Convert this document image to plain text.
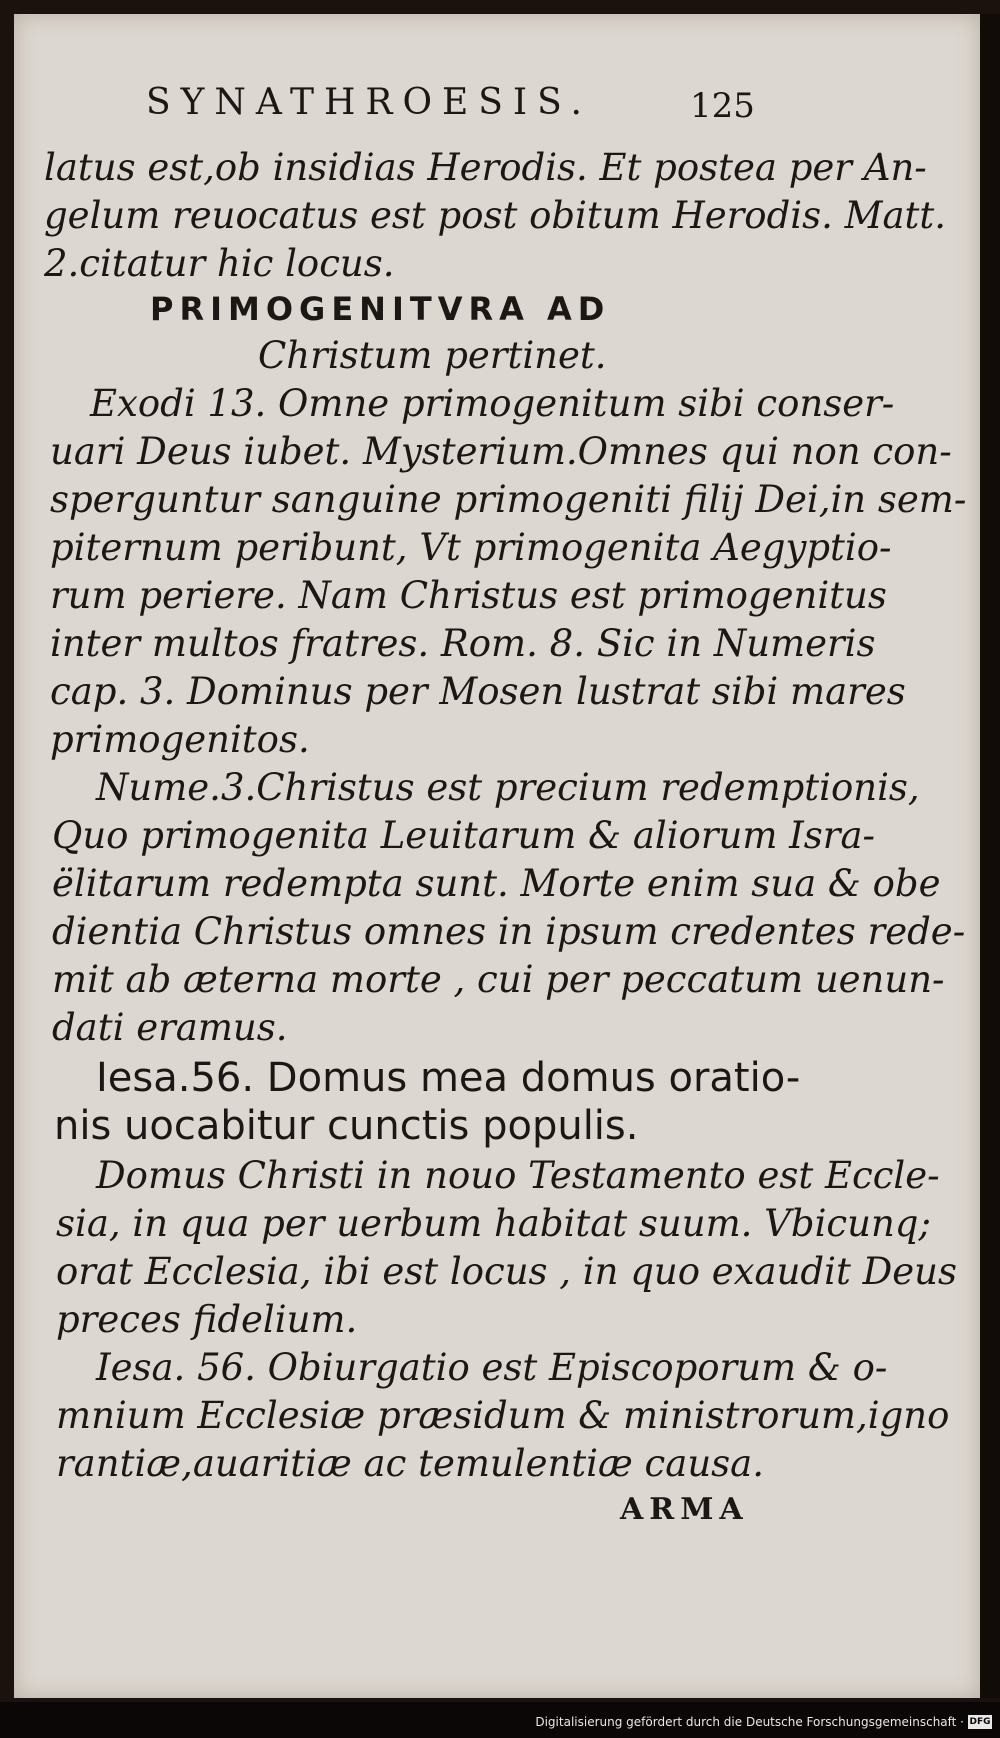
SYNATHROESIS.	125
latus est,ob insidias Herodis. Et postea per An-
gelum reuocatus est post obitum Herodis. Matt.
2.citatur hic locus.
PRIMOGENITVRA AD
Christum pertinet.
Exodi 13. Omne primogenitum sibi conser-
uari Deus iubet. Mysterium.Omnes qui non con-
sperguntur sanguine primogeniti filij Dei,in sem-
piternum peribunt, Vt primogenita Aegyptio-
rum periere. Nam Christus est primogenitus
inter multos fratres. Rom. 8. Sic in Numeris
cap. 3. Dominus per Mosen lustrat sibi mares
primogenitos.
Nume.3.Christus est precium redemptionis,
Quo primogenita Leuitarum & aliorum Isra-
ëlitarum redempta sunt. Morte enim sua & obe
dientia Christus omnes in ipsum credentes rede-
mit ab æterna morte , cui per peccatum uenun-
dati eramus.
Iesa.56. Domus mea domus oratio-
nis uocabitur cunctis populis.
Domus Christi in nouo Testamento est Eccle-
sia, in qua per uerbum habitat suum. Vbicunq;
orat Ecclesia, ibi est locus , in quo exaudit Deus
preces fidelium.
Iesa. 56. Obiurgatio est Episcoporum & o-
mnium Ecclesiæ præsidum & ministrorum,igno
rantiæ,auaritiæ ac temulentiæ causa.
ARMA
Digitalisierung gefördert durch die Deutsche Forschungsgemeinschaft · DFG
